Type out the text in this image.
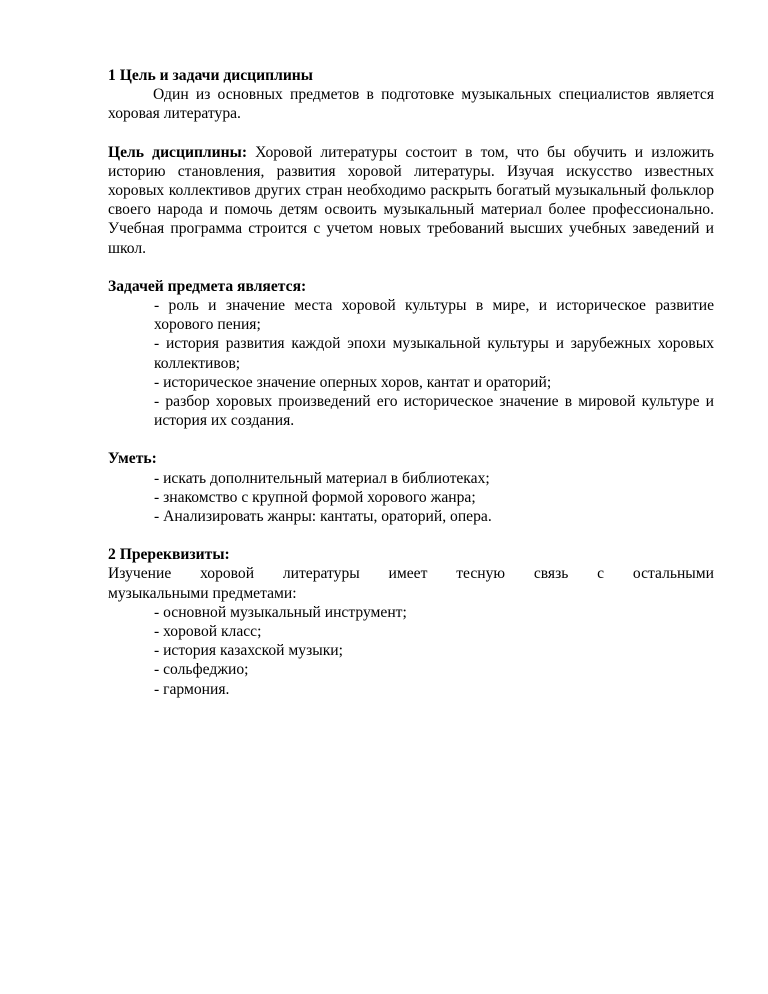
1 Цель и задачи дисциплины

Один из основных предметов в подготовке музыкальных специалистов является хоровая литература.

Цель дисциплины: Хоровой литературы состоит в том, что бы обучить и изложить историю становления, развития хоровой литературы. Изучая искусство известных хоровых коллективов других стран необходимо раскрыть богатый музыкальный фольклор своего народа и помочь детям освоить музыкальный материал более профессионально. Учебная программа строится с учетом новых требований высших учебных заведений и школ.

Задачей предмета является:

- роль и значение места хоровой культуры в мире, и историческое развитие хорового пения;
- история развития каждой эпохи музыкальной культуры и зарубежных хоровых коллективов;
- историческое значение оперных хоров, кантат и ораторий;
- разбор хоровых произведений его историческое значение в мировой культуре и история их создания.

Уметь:

- искать дополнительный материал в библиотеках;
- знакомство с крупной формой хорового жанра;
- Анализировать жанры: кантаты, ораторий, опера.

2 Пререквизиты:

Изучение хоровой литературы имеет тесную связь с остальными

музыкальными предметами:

- основной музыкальный инструмент;
- хоровой класс;
- история казахской музыки;
- сольфеджио;
- гармония.
